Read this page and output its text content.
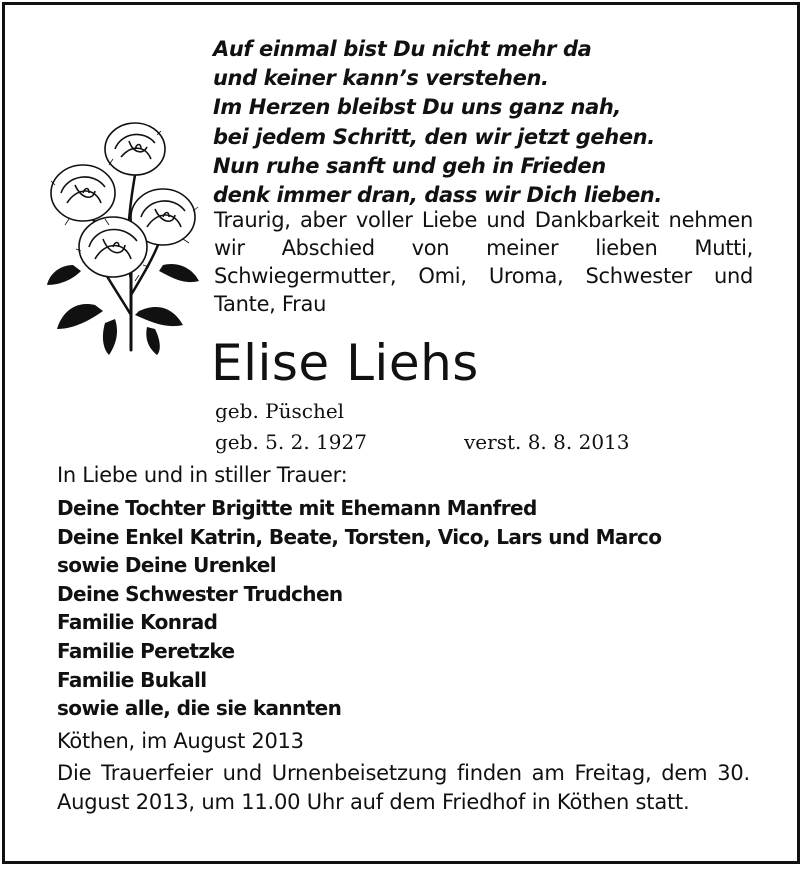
Auf einmal bist Du nicht mehr da
und keiner kann’s verstehen.
Im Herzen bleibst Du uns ganz nah,
bei jedem Schritt, den wir jetzt gehen.
Nun ruhe sanft und geh in Frieden
denk immer dran, dass wir Dich lieben.

Traurig, aber voller Liebe und Dankbarkeit nehmen wir Abschied von meiner lieben Mutti, Schwiegermutter, Omi, Uroma, Schwester und Tante, Frau

Elise Liehs
geb. Püschel
geb. 5. 2. 1927	verst. 8. 8. 2013
In Liebe und in stiller Trauer:
Deine Tochter Brigitte mit Ehemann Manfred
Deine Enkel Katrin, Beate, Torsten, Vico, Lars und Marco
sowie Deine Urenkel
Deine Schwester Trudchen
Familie Konrad
Familie Peretzke
Familie Bukall
sowie alle, die sie kannten
Köthen, im August 2013

Die Trauerfeier und Urnenbeisetzung finden am Freitag, dem 30. August 2013, um 11.00 Uhr auf dem Friedhof in Köthen statt.
